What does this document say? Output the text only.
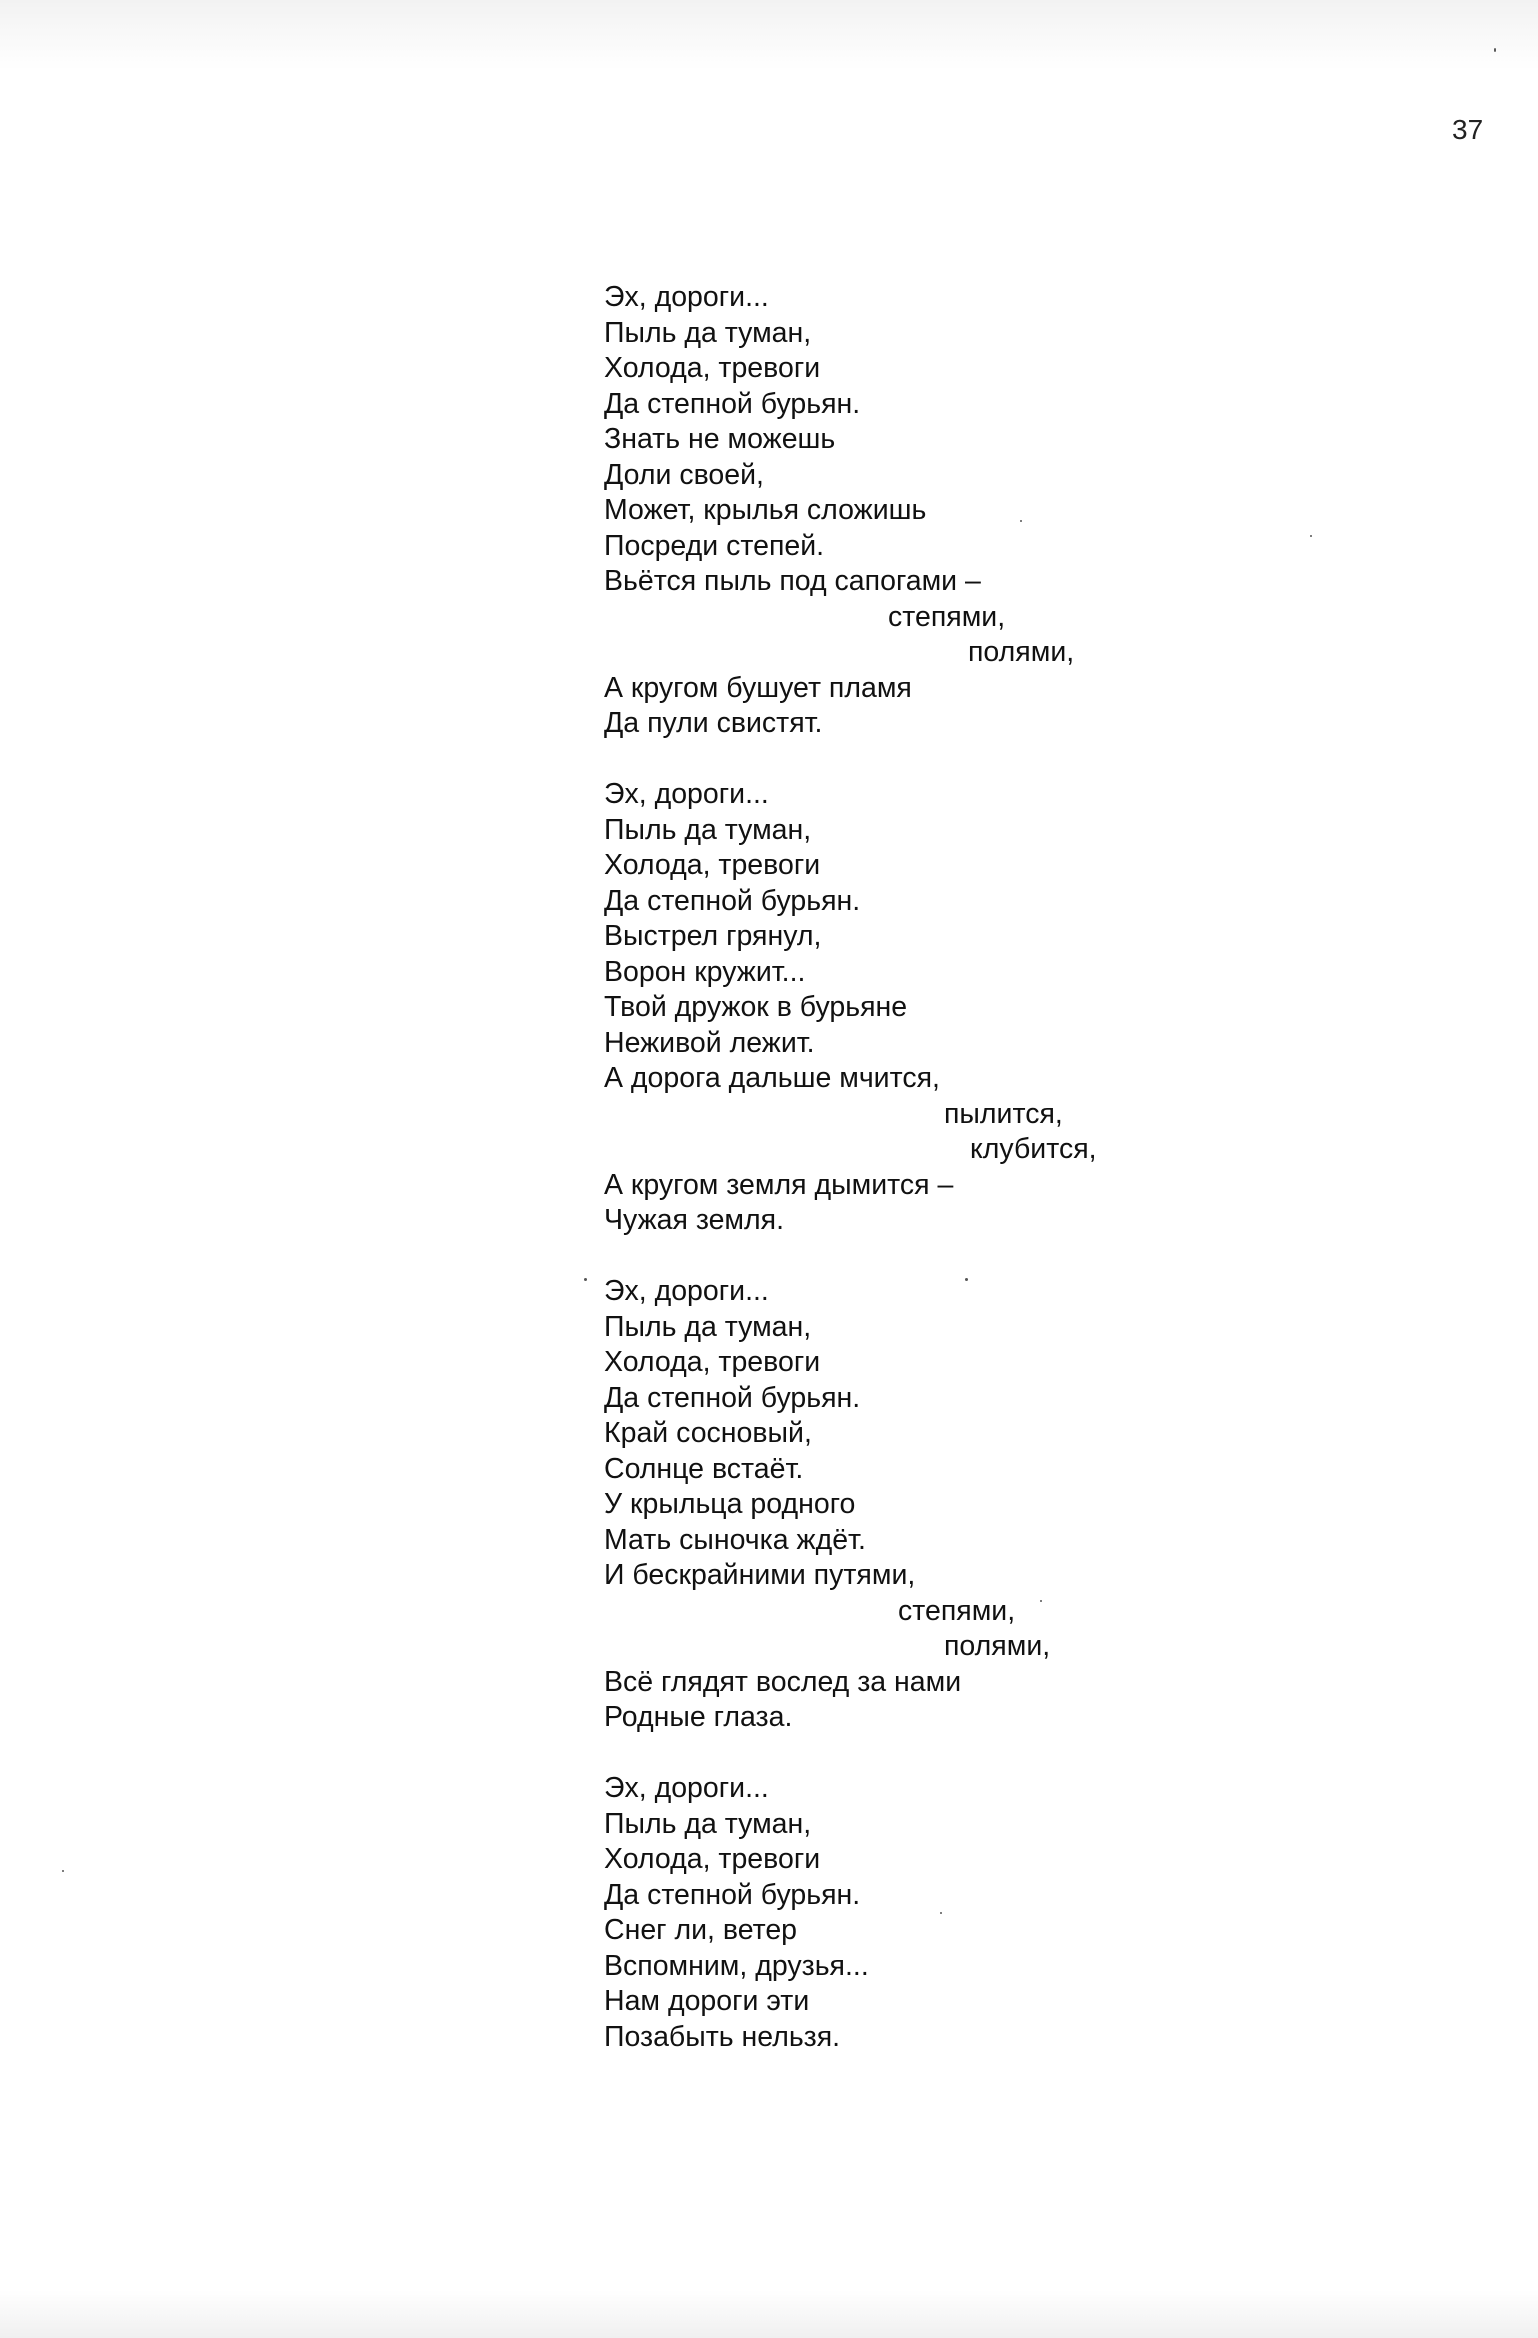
37
Эх, дороги...
Пыль да туман,
Холода, тревоги
Да степной бурьян.
Знать не можешь
Доли своей,
Может, крылья сложишь
Посреди степей.
Вьётся пыль под сапогами –
степями,
полями,
А кругом бушует пламя
Да пули свистят.
Эх, дороги...
Пыль да туман,
Холода, тревоги
Да степной бурьян.
Выстрел грянул,
Ворон кружит...
Твой дружок в бурьяне
Неживой лежит.
А дорога дальше мчится,
пылится,
клубится,
А кругом земля дымится –
Чужая земля.
Эх, дороги...
Пыль да туман,
Холода, тревоги
Да степной бурьян.
Край сосновый,
Солнце встаёт.
У крыльца родного
Мать сыночка ждёт.
И бескрайними путями,
степями,
полями,
Всё глядят вослед за нами
Родные глаза.
Эх, дороги...
Пыль да туман,
Холода, тревоги
Да степной бурьян.
Снег ли, ветер
Вспомним, друзья...
Нам дороги эти
Позабыть нельзя.
